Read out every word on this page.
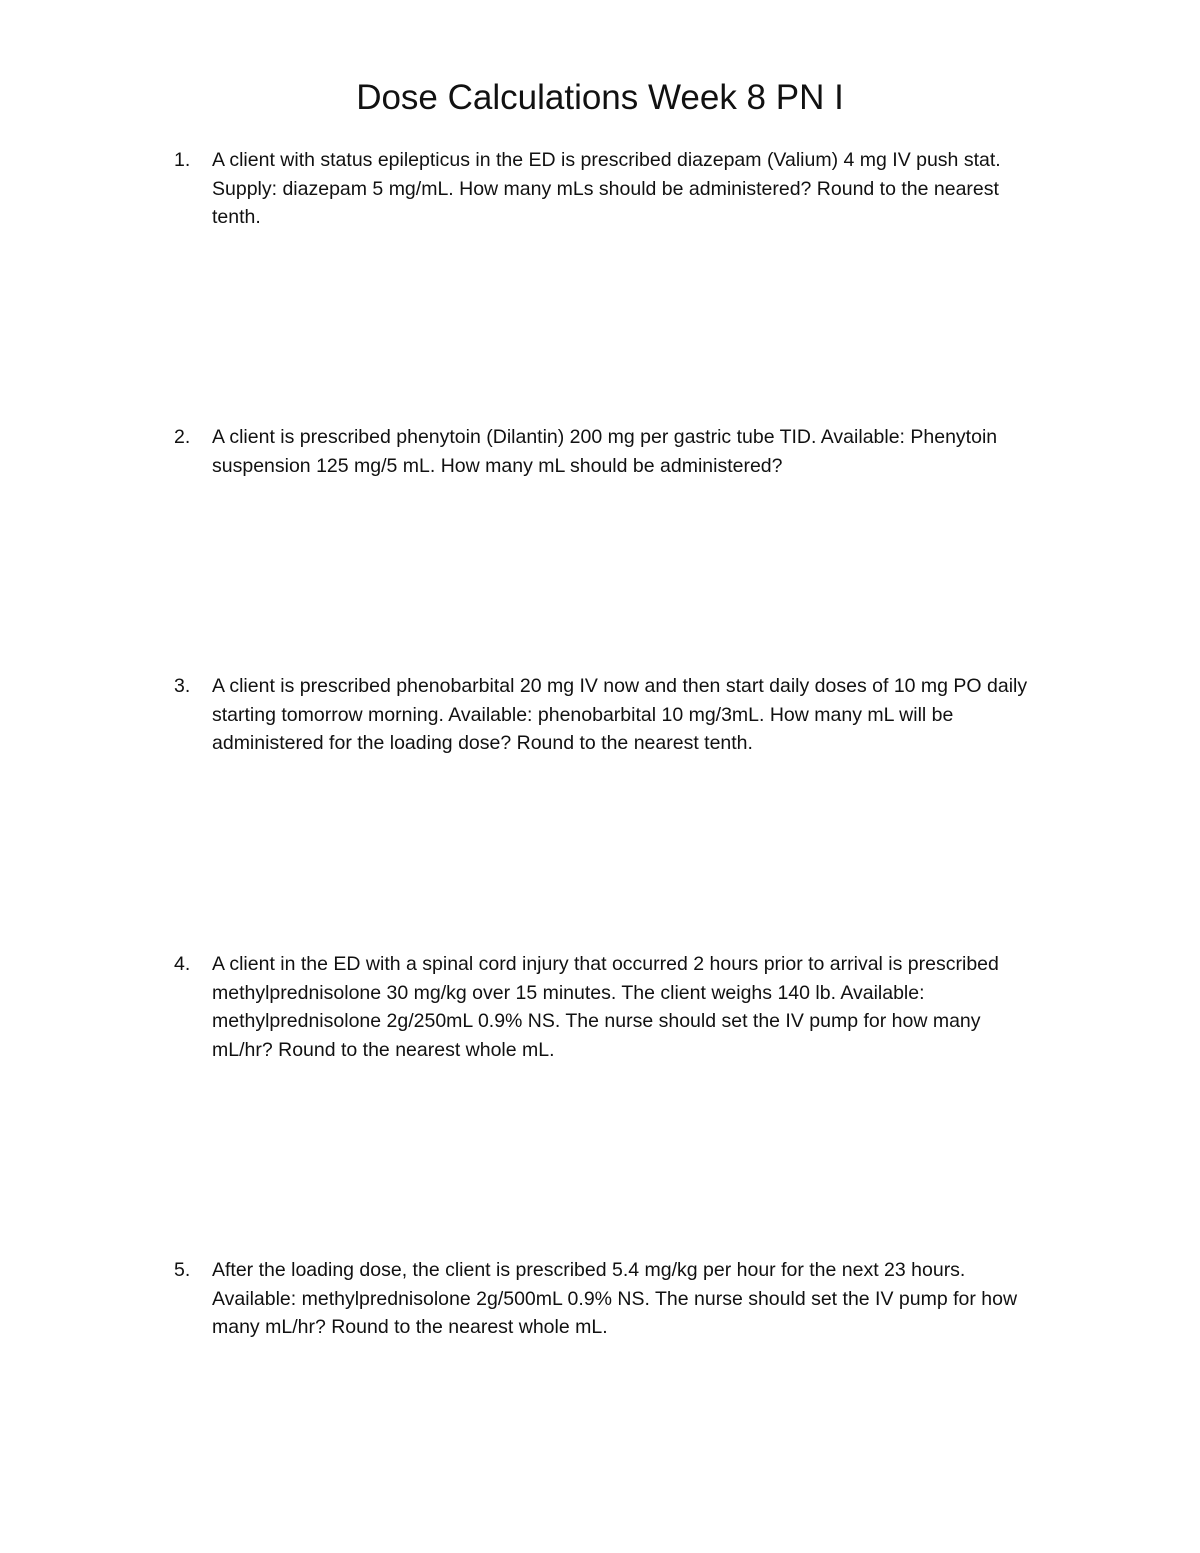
Dose Calculations Week 8 PN I
1.	A client with status epilepticus in the ED is prescribed diazepam (Valium) 4 mg IV push stat. Supply: diazepam 5 mg/mL. How many mLs should be administered? Round to the nearest tenth.
2.	A client is prescribed phenytoin (Dilantin) 200 mg per gastric tube TID. Available: Phenytoin suspension 125 mg/5 mL. How many mL should be administered?
3.	A client is prescribed phenobarbital 20 mg IV now and then start daily doses of 10 mg PO daily starting tomorrow morning. Available: phenobarbital 10 mg/3mL. How many mL will be administered for the loading dose? Round to the nearest tenth.
4.	A client in the ED with a spinal cord injury that occurred 2 hours prior to arrival is prescribed methylprednisolone 30 mg/kg over 15 minutes. The client weighs 140 lb. Available: methylprednisolone 2g/250mL 0.9% NS. The nurse should set the IV pump for how many mL/hr? Round to the nearest whole mL.
5.	After the loading dose, the client is prescribed 5.4 mg/kg per hour for the next 23 hours. Available: methylprednisolone 2g/500mL 0.9% NS. The nurse should set the IV pump for how many mL/hr? Round to the nearest whole mL.
